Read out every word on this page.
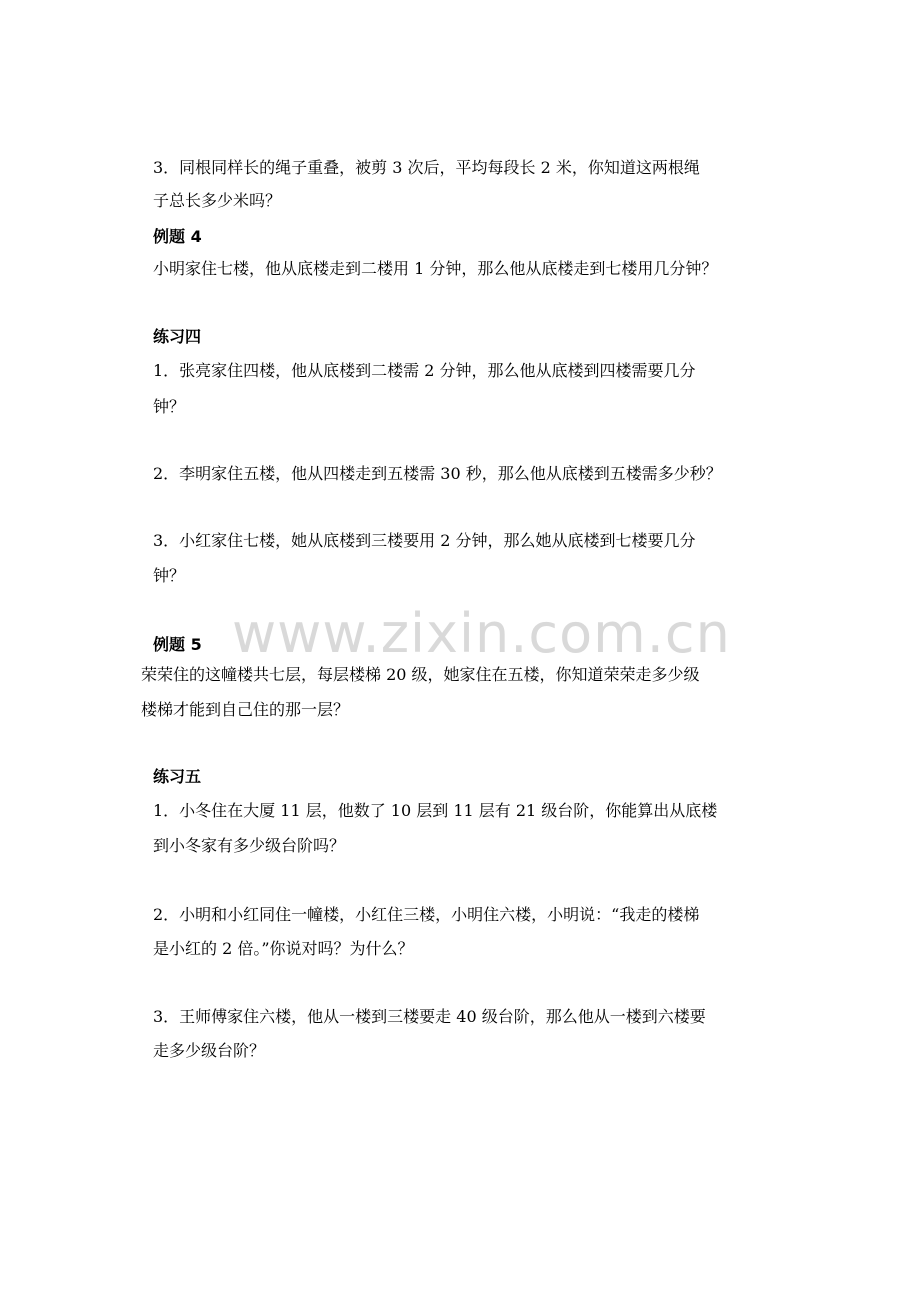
www.zixin.com.cn
3．同根同样长的绳子重叠，被剪 3 次后，平均每段长 2 米，你知道这两根绳
子总长多少米吗？
例题 4
小明家住七楼，他从底楼走到二楼用 1 分钟，那么他从底楼走到七楼用几分钟？
练习四
1．张亮家住四楼，他从底楼到二楼需 2 分钟，那么他从底楼到四楼需要几分
钟？
2．李明家住五楼，他从四楼走到五楼需 30 秒，那么他从底楼到五楼需多少秒？
3．小红家住七楼，她从底楼到三楼要用 2 分钟，那么她从底楼到七楼要几分
钟？
例题 5
荣荣住的这幢楼共七层，每层楼梯 20 级，她家住在五楼，你知道荣荣走多少级
楼梯才能到自己住的那一层？
练习五
1．小冬住在大厦 11 层，他数了 10 层到 11 层有 21 级台阶，你能算出从底楼
到小冬家有多少级台阶吗？
2．小明和小红同住一幢楼，小红住三楼，小明住六楼，小明说：“我走的楼梯
是小红的 2 倍。”你说对吗？为什么？
3．王师傅家住六楼，他从一楼到三楼要走 40 级台阶，那么他从一楼到六楼要
走多少级台阶？
